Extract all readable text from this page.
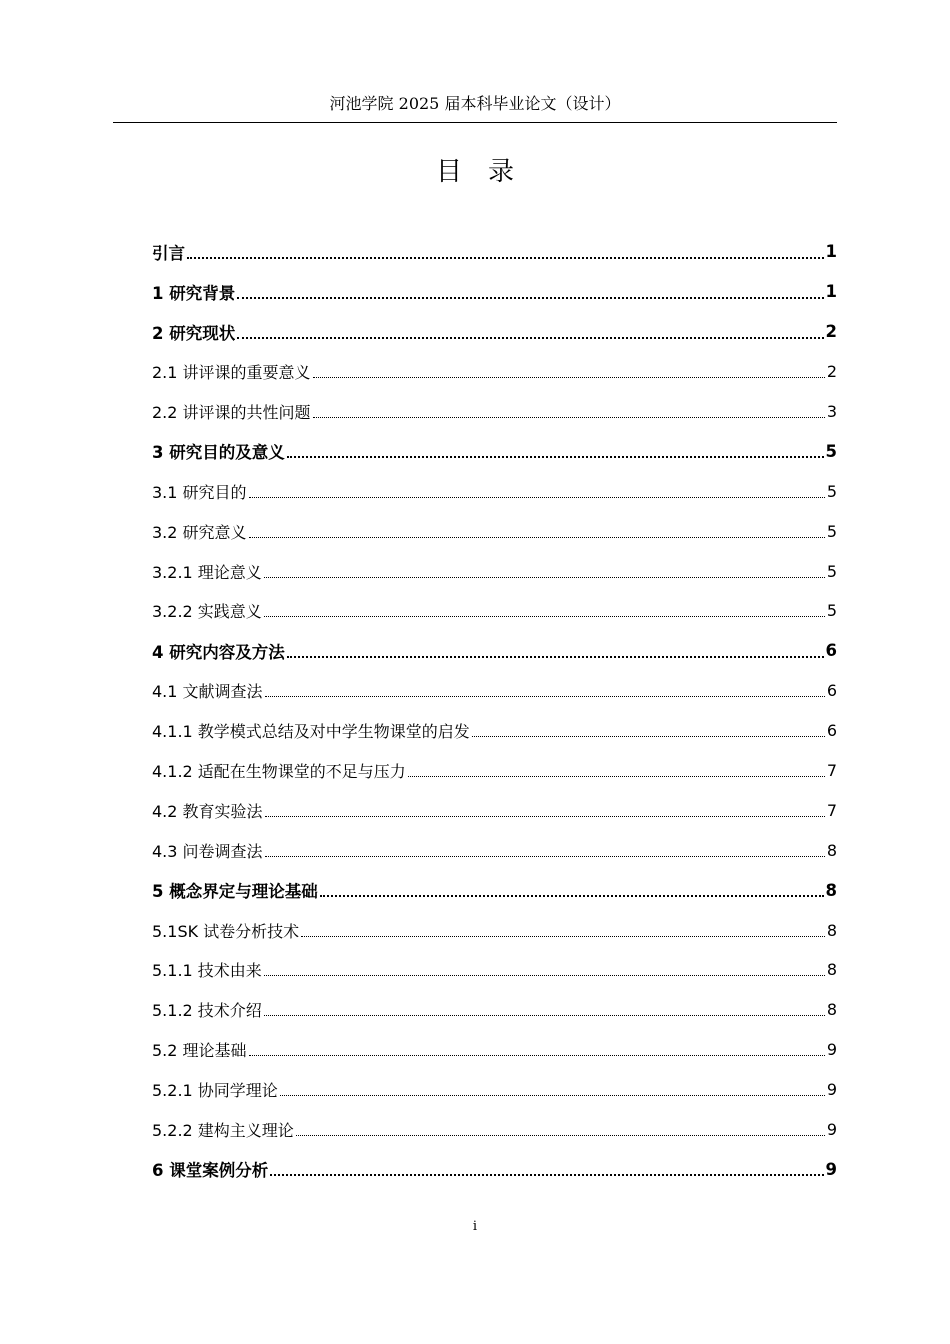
河池学院 2025 届本科毕业论文（设计）
目录
引言	1
1 研究背景	1
2 研究现状	2
2.1 讲评课的重要意义	2
2.2 讲评课的共性问题	3
3 研究目的及意义	5
3.1 研究目的	5
3.2 研究意义	5
3.2.1 理论意义	5
3.2.2 实践意义	5
4 研究内容及方法	6
4.1 文献调查法	6
4.1.1 教学模式总结及对中学生物课堂的启发	6
4.1.2 适配在生物课堂的不足与压力	7
4.2 教育实验法	7
4.3 问卷调查法	8
5 概念界定与理论基础	8
5.1SK 试卷分析技术	8
5.1.1 技术由来	8
5.1.2 技术介绍	8
5.2 理论基础	9
5.2.1 协同学理论	9
5.2.2 建构主义理论	9
6 课堂案例分析	9
i
